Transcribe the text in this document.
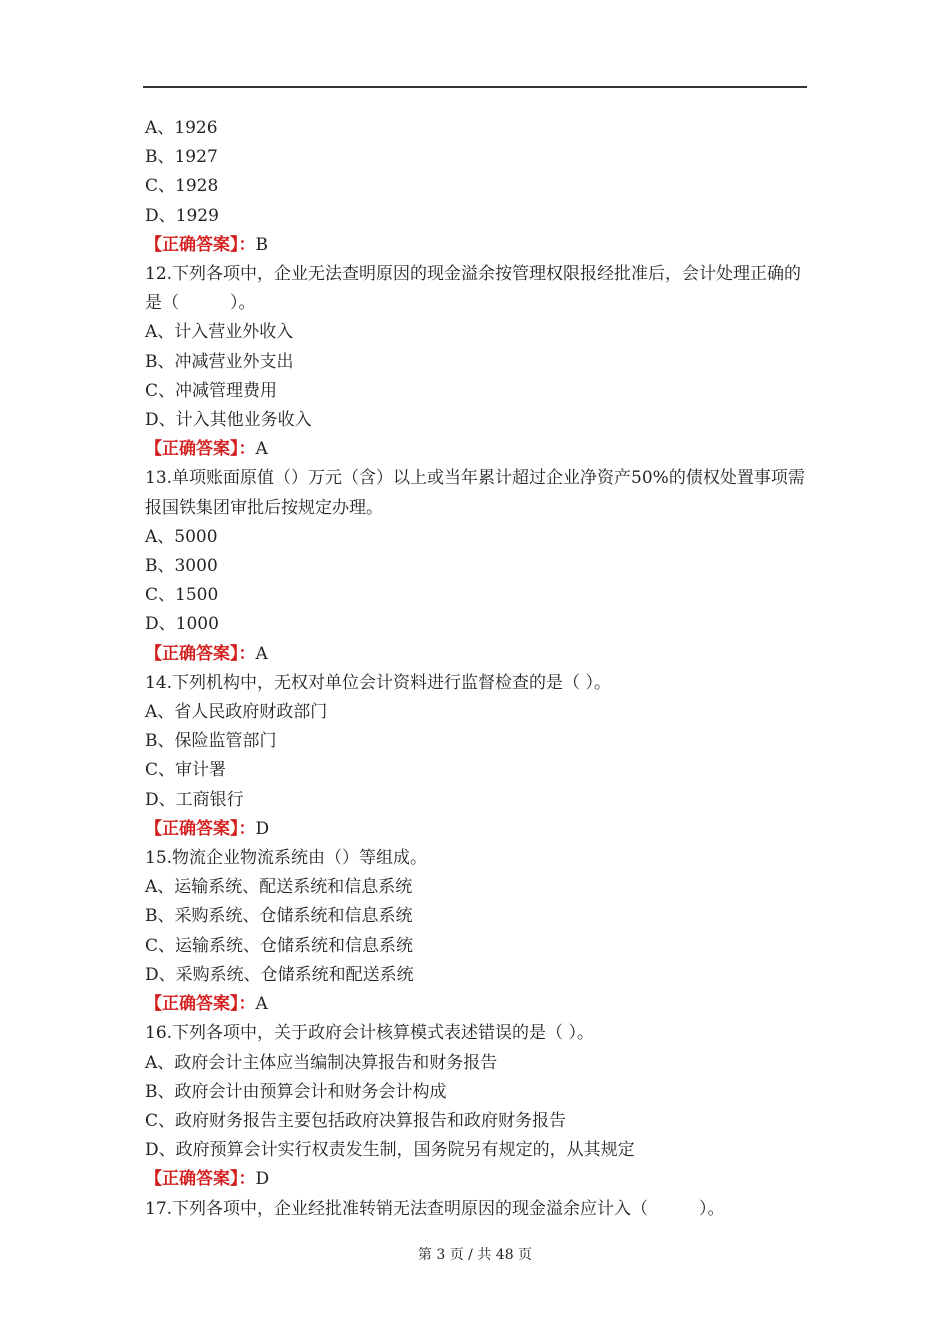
A、1926
B、1927
C、1928
D、1929
【正确答案】：B
12.下列各项中，企业无法查明原因的现金溢余按管理权限报经批准后，会计处理正确的是（　　　）。
A、计入营业外收入
B、冲减营业外支出
C、冲减管理费用
D、计入其他业务收入
【正确答案】：A
13.单项账面原值（）万元（含）以上或当年累计超过企业净资产50%的债权处置事项需报国铁集团审批后按规定办理。
A、5000
B、3000
C、1500
D、1000
【正确答案】：A
14.下列机构中，无权对单位会计资料进行监督检查的是（ ）。
A、省人民政府财政部门
B、保险监管部门
C、审计署
D、工商银行
【正确答案】：D
15.物流企业物流系统由（）等组成。
A、运输系统、配送系统和信息系统
B、采购系统、仓储系统和信息系统
C、运输系统、仓储系统和信息系统
D、采购系统、仓储系统和配送系统
【正确答案】：A
16.下列各项中，关于政府会计核算模式表述错误的是（ ）。
A、政府会计主体应当编制决算报告和财务报告
B、政府会计由预算会计和财务会计构成
C、政府财务报告主要包括政府决算报告和政府财务报告
D、政府预算会计实行权责发生制，国务院另有规定的，从其规定
【正确答案】：D
17.下列各项中，企业经批准转销无法查明原因的现金溢余应计入（　　　）。
第 3 页 / 共 48 页
